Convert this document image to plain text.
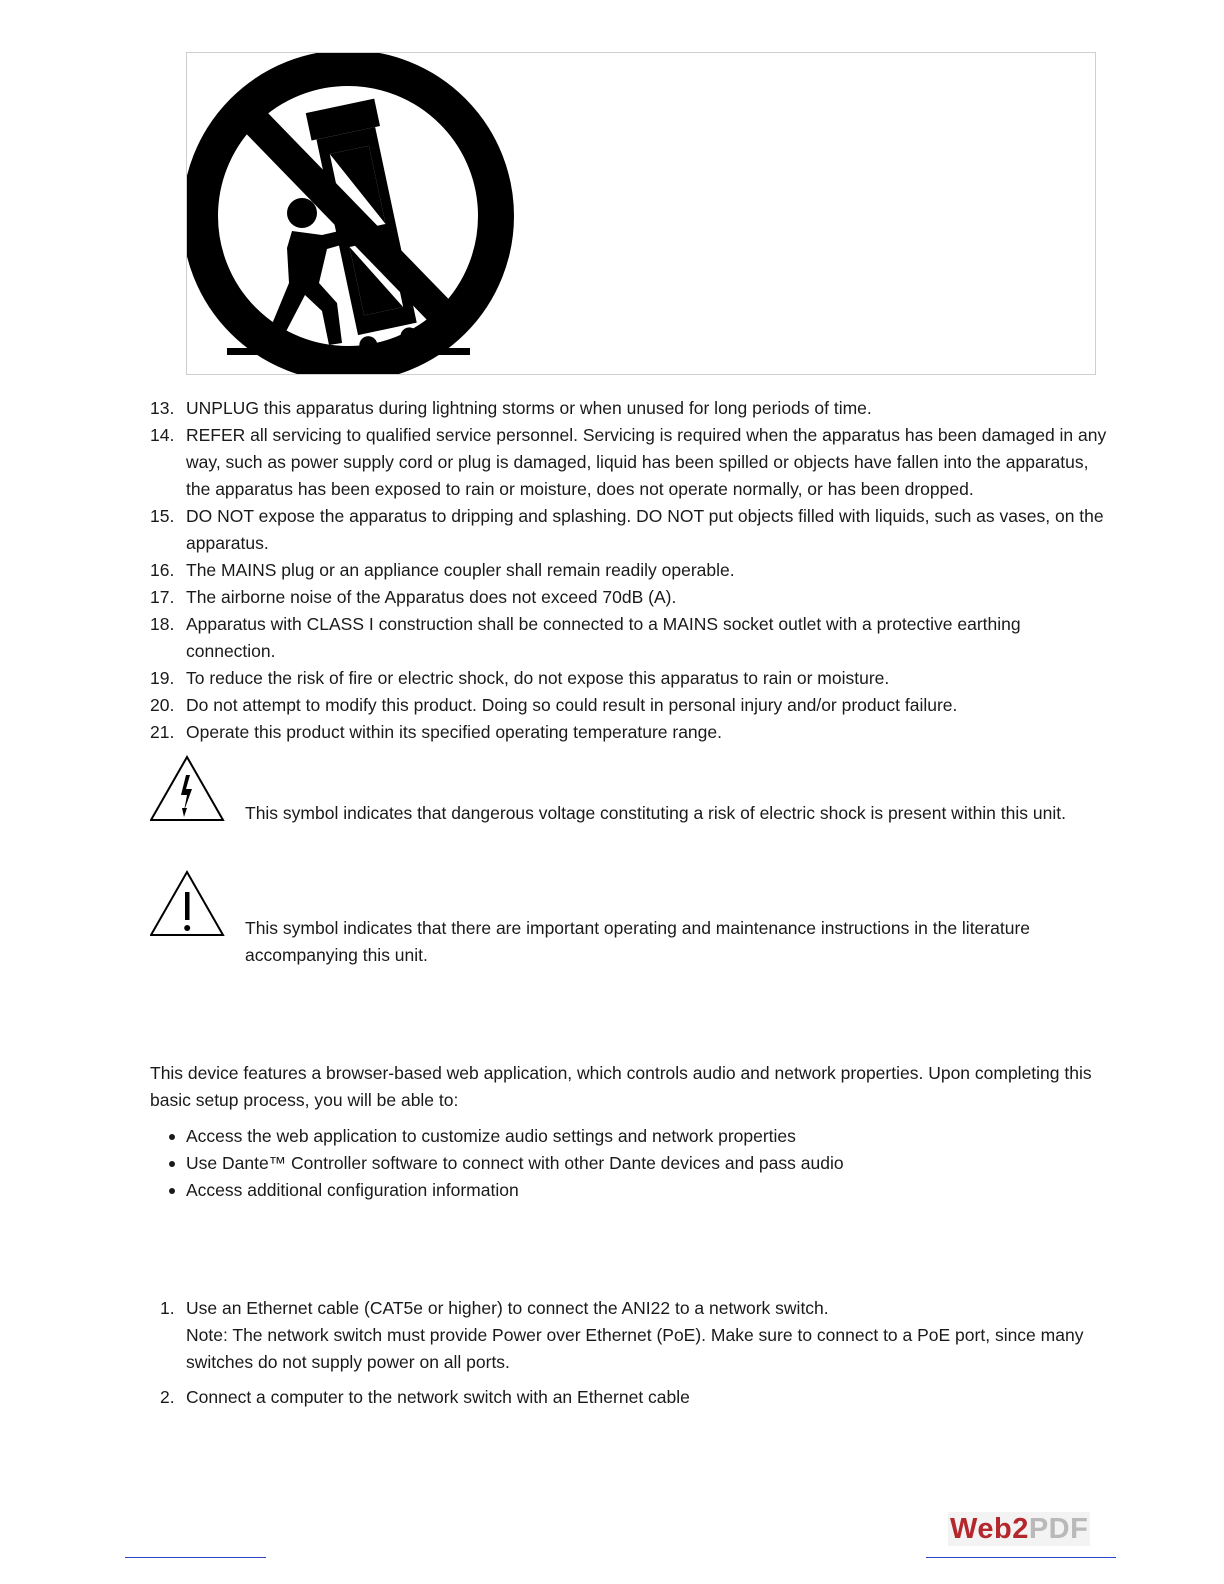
13. UNPLUG this apparatus during lightning storms or when unused for long periods of time.
14. REFER all servicing to qualified service personnel. Servicing is required when the apparatus has been damaged in any way, such as power supply cord or plug is damaged, liquid has been spilled or objects have fallen into the apparatus, the apparatus has been exposed to rain or moisture, does not operate normally, or has been dropped.
15. DO NOT expose the apparatus to dripping and splashing. DO NOT put objects filled with liquids, such as vases, on the apparatus.
16. The MAINS plug or an appliance coupler shall remain readily operable.
17. The airborne noise of the Apparatus does not exceed 70dB (A).
18. Apparatus with CLASS I construction shall be connected to a MAINS socket outlet with a protective earthing connection.
19. To reduce the risk of fire or electric shock, do not expose this apparatus to rain or moisture.
20. Do not attempt to modify this product. Doing so could result in personal injury and/or product failure.
21. Operate this product within its specified operating temperature range.
This symbol indicates that dangerous voltage constituting a risk of electric shock is present within this unit.
This symbol indicates that there are important operating and maintenance instructions in the literature accompanying this unit.

This device features a browser-based web application, which controls audio and network properties. Upon completing this basic setup process, you will be able to:

Access the web application to customize audio settings and network properties
Use Dante™ Controller software to connect with other Dante devices and pass audio
Access additional configuration information
1. Use an Ethernet cable (CAT5e or higher) to connect the ANI22 to a network switch.
Note: The network switch must provide Power over Ethernet (PoE). Make sure to connect to a PoE port, since many switches do not supply power on all ports.
2. Connect a computer to the network switch with an Ethernet cable
Web2PDF
